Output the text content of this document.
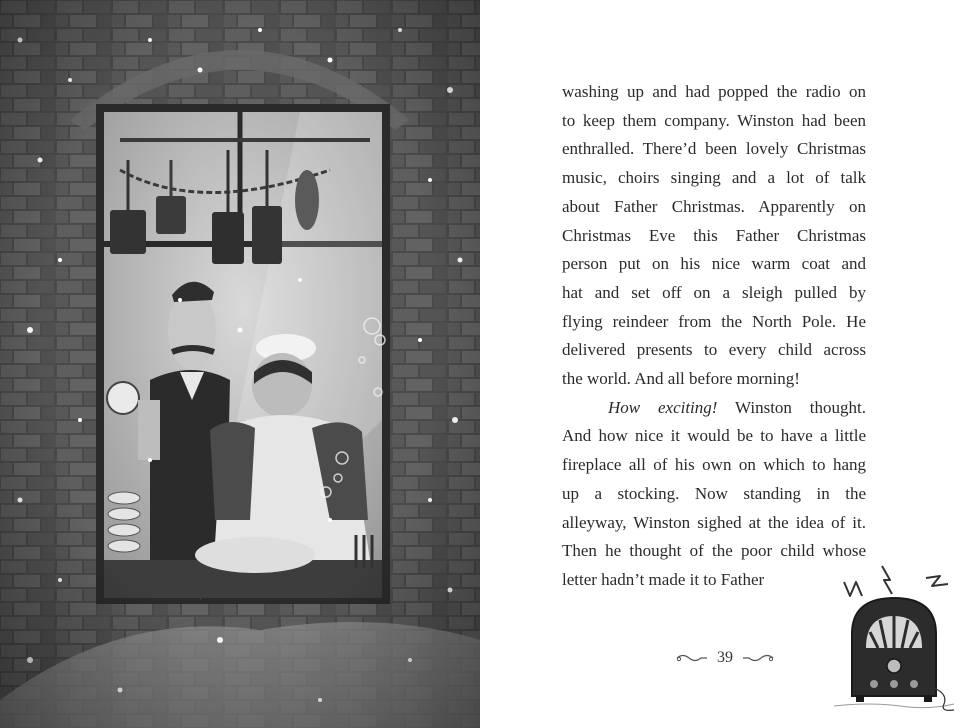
washing up and had popped the radio on
to keep them company. Winston had been
enthralled. There’d been lovely Christmas
music, choirs singing and a lot of talk
about Father Christmas. Apparently on
Christmas Eve this Father Christmas
person put on his nice warm coat and
hat and set off on a sleigh pulled by
flying reindeer from the North Pole. He
delivered presents to every child across
the world. And all before morning!

How exciting! Winston thought.
And how nice it would be to have a little
fireplace all of his own on which to hang
up a stocking. Now standing in the
alleyway, Winston sighed at the idea of it.
Then he thought of the poor child whose
letter hadn’t made it to Father

39
